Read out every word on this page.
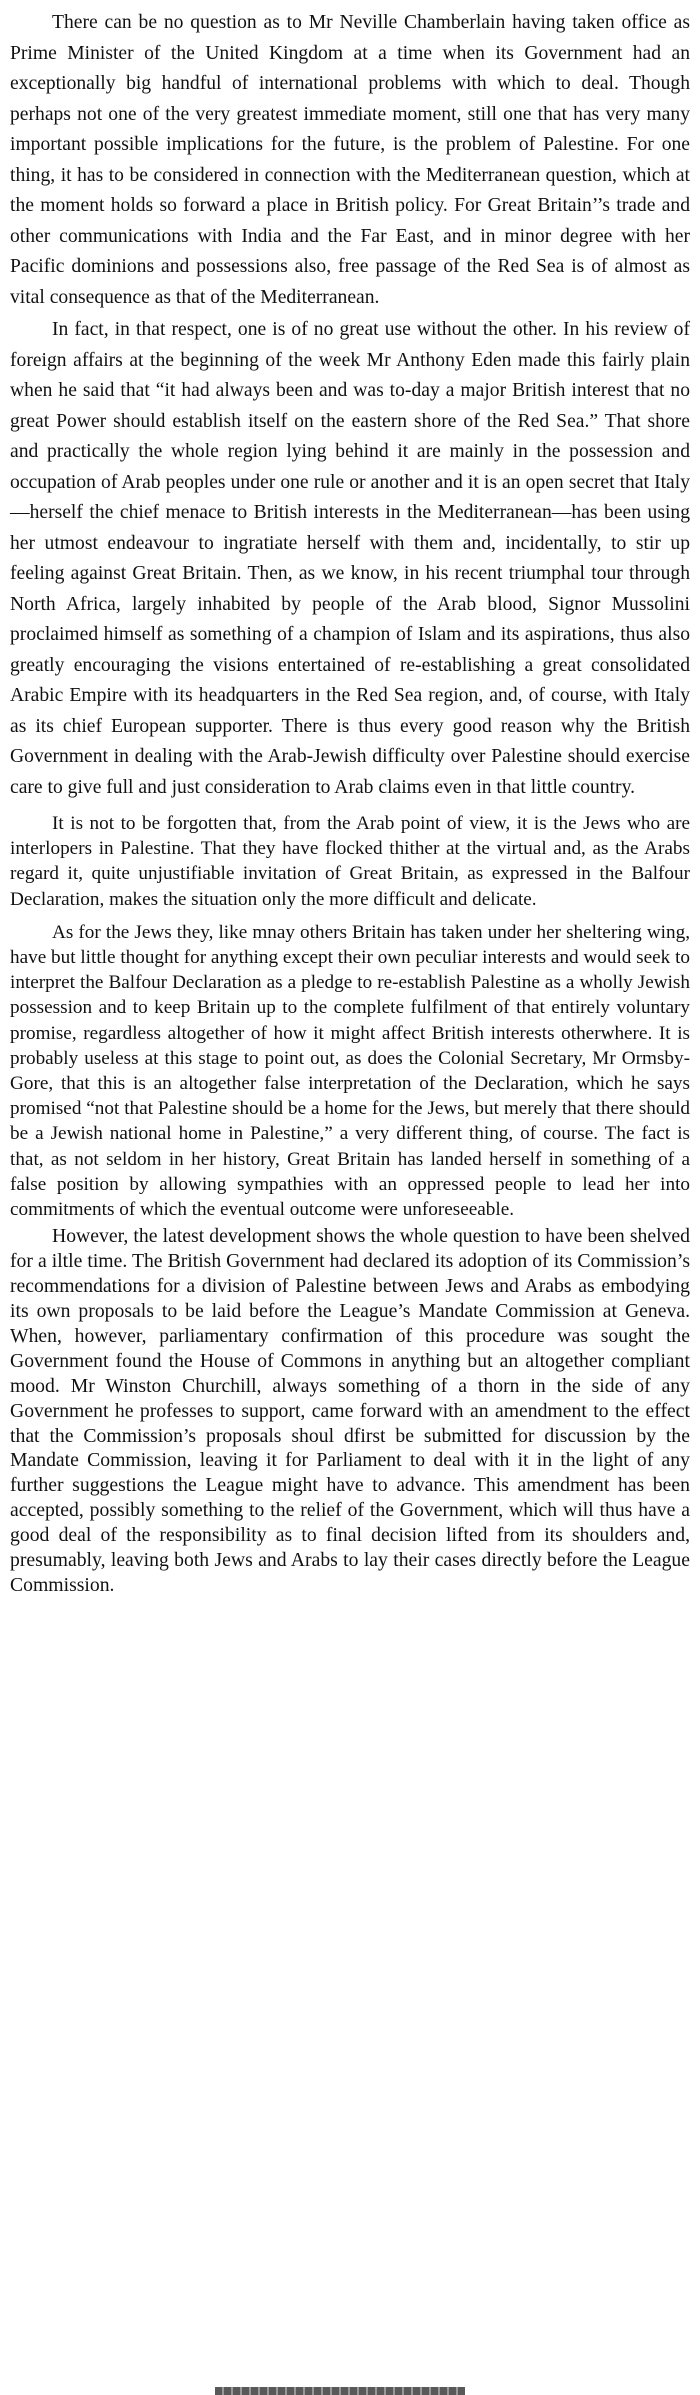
There can be no question as to Mr Neville Chamberlain having taken office as Prime Minister of the United Kingdom at a time when its Government had an exceptionally big handful of international problems with which to deal. Though perhaps not one of the very greatest immediate moment, still one that has very many important possible implications for the future, is the problem of Palestine. For one thing, it has to be considered in connection with the Mediterranean question, which at the moment holds so forward a place in British policy. For Great Britain’’s trade and other communications with India and the Far East, and in minor degree with her Pacific dominions and possessions also, free passage of the Red Sea is of almost as vital consequence as that of the Mediterranean.

In fact, in that respect, one is of no great use without the other. In his review of foreign affairs at the beginning of the week Mr Anthony Eden made this fairly plain when he said that “it had always been and was to-day a major British interest that no great Power should establish itself on the eastern shore of the Red Sea.” That shore and practically the whole region lying behind it are mainly in the possession and occupation of Arab peoples under one rule or another and it is an open secret that Italy—herself the chief menace to British interests in the Mediterranean—has been using her utmost endeavour to ingratiate herself with them and, incidentally, to stir up feeling against Great Britain. Then, as we know, in his recent triumphal tour through North Africa, largely inhabited by people of the Arab blood, Signor Mussolini proclaimed himself as something of a champion of Islam and its aspirations, thus also greatly encouraging the visions entertained of re-establishing a great consolidated Arabic Empire with its headquarters in the Red Sea region, and, of course, with Italy as its chief European supporter. There is thus every good reason why the British Government in dealing with the Arab-Jewish difficulty over Palestine should exercise care to give full and just consideration to Arab claims even in that little country.

It is not to be forgotten that, from the Arab point of view, it is the Jews who are interlopers in Palestine. That they have flocked thither at the virtual and, as the Arabs regard it, quite unjustifiable invitation of Great Britain, as expressed in the Balfour Declaration, makes the situation only the more difficult and delicate.

As for the Jews they, like mnay others Britain has taken under her sheltering wing, have but little thought for anything except their own peculiar interests and would seek to interpret the Balfour Declaration as a pledge to re-establish Palestine as a wholly Jewish possession and to keep Britain up to the complete fulfilment of that entirely voluntary promise, regardless altogether of how it might affect British interests otherwhere. It is probably useless at this stage to point out, as does the Colonial Secretary, Mr Ormsby-Gore, that this is an altogether false interpretation of the Declaration, which he says promised “not that Palestine should be a home for the Jews, but merely that there should be a Jewish national home in Palestine,” a very different thing, of course. The fact is that, as not seldom in her history, Great Britain has landed herself in something of a false position by allowing sympathies with an oppressed people to lead her into commitments of which the eventual outcome were unforeseeable.

However, the latest development shows the whole question to have been shelved for a iltle time. The British Government had declared its adoption of its Commission’s recommendations for a division of Palestine between Jews and Arabs as embodying its own proposals to be laid before the League’s Mandate Commission at Geneva. When, however, parliamentary confirmation of this procedure was sought the Government found the House of Commons in anything but an altogether compliant mood. Mr Winston Churchill, always something of a thorn in the side of any Government he professes to support, came forward with an amendment to the effect that the Commission’s proposals shoul dfirst be submitted for discussion by the Mandate Commission, leaving it for Parliament to deal with it in the light of any further suggestions the League might have to advance. This amendment has been accepted, possibly something to the relief of the Government, which will thus have a good deal of the responsibility as to final decision lifted from its shoulders and, presumably, leaving both Jews and Arabs to lay their cases directly before the League Commission.
